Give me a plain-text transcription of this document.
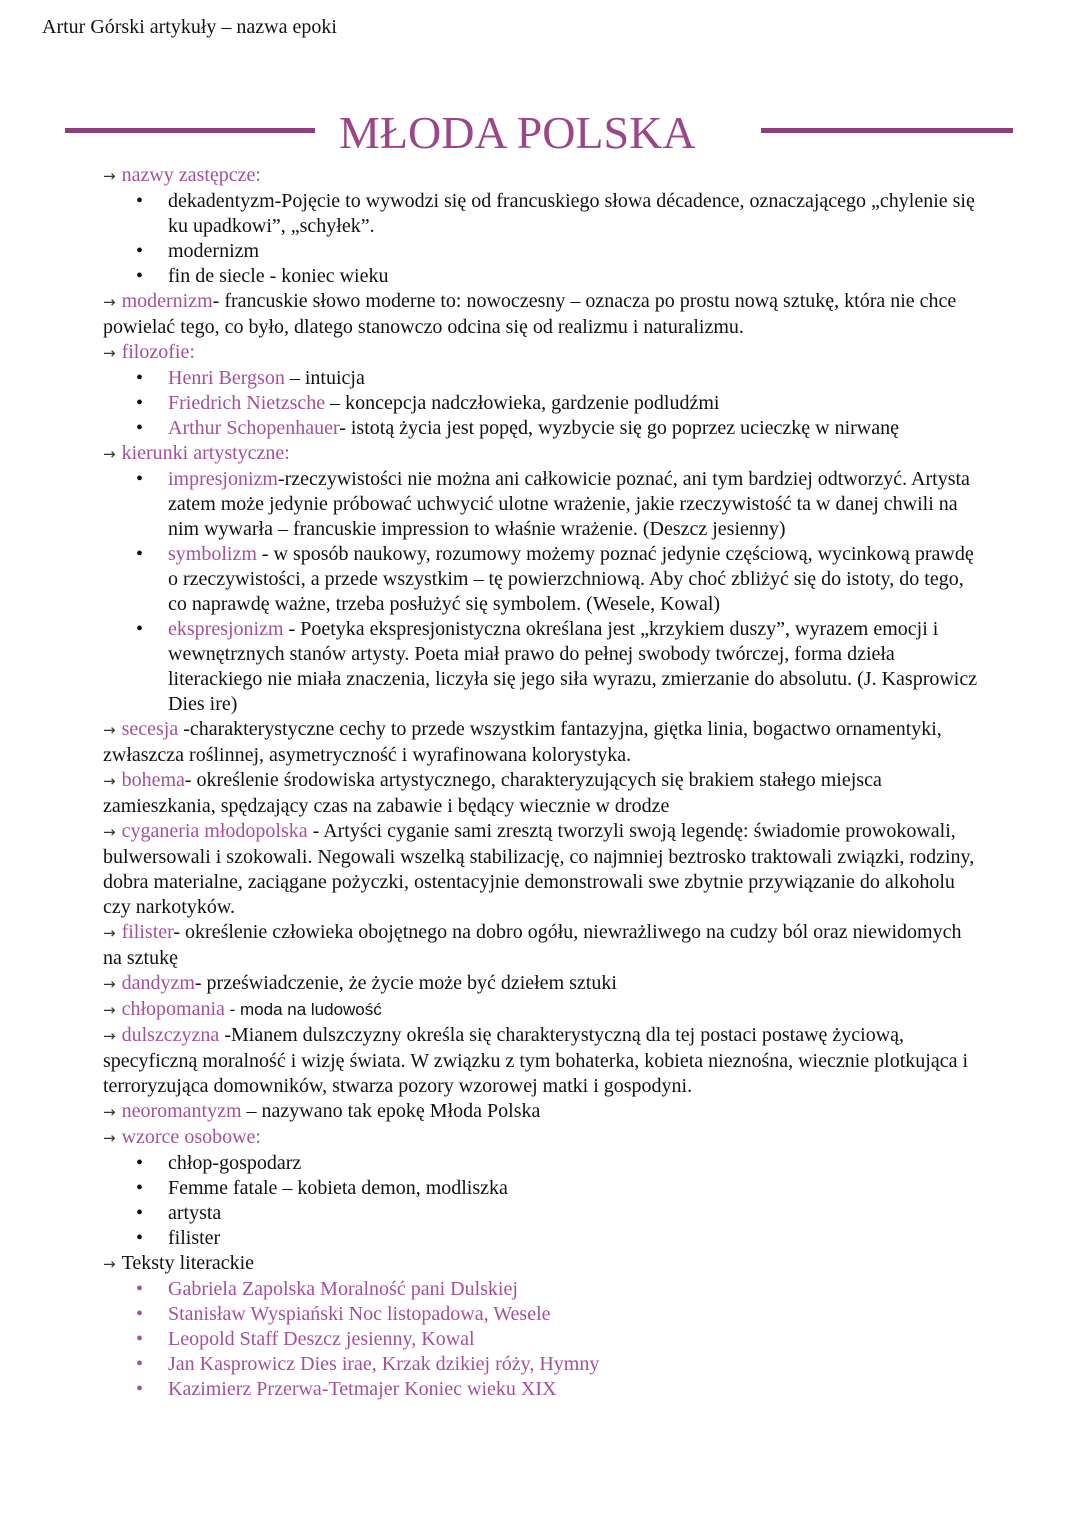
Artur Górski artykuły – nazwa epoki
MŁODA POLSKA
→ nazwy zastępcze:
• dekadentyzm-Pojęcie to wywodzi się od francuskiego słowa décadence, oznaczającego „chylenie się ku upadkowi”, „schyłek”.
• modernizm
• fin de siecle - koniec wieku
→ modernizm- francuskie słowo moderne to: nowoczesny – oznacza po prostu nową sztukę, która nie chce powielać tego, co było, dlatego stanowczo odcina się od realizmu i naturalizmu.
→ filozofie:
• Henri Bergson – intuicja
• Friedrich Nietzsche – koncepcja nadczłowieka, gardzenie podludźmi
• Arthur Schopenhauer- istotą życia jest popęd, wyzbycie się go poprzez ucieczkę w nirwanę
→ kierunki artystyczne:
• impresjonizm-rzeczywistości nie można ani całkowicie poznać, ani tym bardziej odtworzyć. Artysta zatem może jedynie próbować uchwycić ulotne wrażenie, jakie rzeczywistość ta w danej chwili na nim wywarła – francuskie impression to właśnie wrażenie. (Deszcz jesienny)
• symbolizm - w sposób naukowy, rozumowy możemy poznać jedynie częściową, wycinkową prawdę o rzeczywistości, a przede wszystkim – tę powierzchniową. Aby choć zbliżyć się do istoty, do tego, co naprawdę ważne, trzeba posłużyć się symbolem. (Wesele, Kowal)
• ekspresjonizm - Poetyka ekspresjonistyczna określana jest „krzykiem duszy”, wyrazem emocji i wewnętrznych stanów artysty. Poeta miał prawo do pełnej swobody twórczej, forma dzieła literackiego nie miała znaczenia, liczyła się jego siła wyrazu, zmierzanie do absolutu. (J. Kasprowicz Dies ire)
→ secesja -charakterystyczne cechy to przede wszystkim fantazyjna, giętka linia, bogactwo ornamentyki, zwłaszcza roślinnej, asymetryczność i wyrafinowana kolorystyka.
→ bohema- określenie środowiska artystycznego, charakteryzujących się brakiem stałego miejsca zamieszkania, spędzający czas na zabawie i będący wiecznie w drodze
→ cyganeria młodopolska - Artyści cyganie sami zresztą tworzyli swoją legendę: świadomie prowokowali, bulwersowali i szokowali. Negowali wszelką stabilizację, co najmniej beztrosko traktowali związki, rodziny, dobra materialne, zaciągane pożyczki, ostentacyjnie demonstrowali swe zbytnie przywiązanie do alkoholu czy narkotyków.
→ filister- określenie człowieka obojętnego na dobro ogółu, niewrażliwego na cudzy ból oraz niewidomych na sztukę
→ dandyzm- przeświadczenie, że życie może być dziełem sztuki
→ chłopomania - moda na ludowość
→ dulszczyzna -Mianem dulszczyzny określa się charakterystyczną dla tej postaci postawę życiową, specyficzną moralność i wizję świata. W związku z tym bohaterka, kobieta nieznośna, wiecznie plotkująca i terroryzująca domowników, stwarza pozory wzorowej matki i gospodyni.
→ neoromantyzm – nazywano tak epokę Młoda Polska
→ wzorce osobowe:
• chłop-gospodarz
• Femme fatale – kobieta demon, modliszka
• artysta
• filister
→ Teksty literackie
• Gabriela Zapolska Moralność pani Dulskiej
• Stanisław Wyspiański Noc listopadowa, Wesele
• Leopold Staff Deszcz jesienny, Kowal
• Jan Kasprowicz Dies irae, Krzak dzikiej róży, Hymny
• Kazimierz Przerwa-Tetmajer Koniec wieku XIX
